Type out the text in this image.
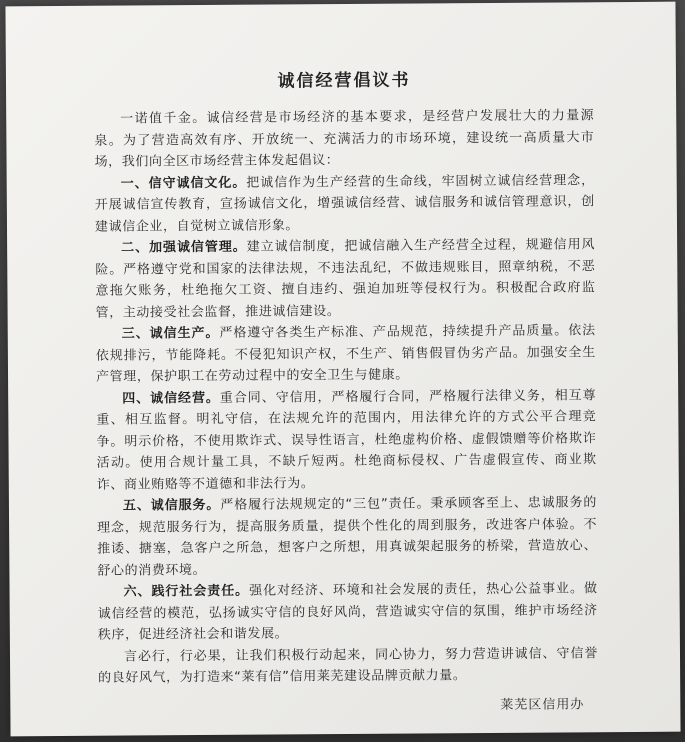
诚信经营倡议书

一诺值千金。诚信经营是市场经济的基本要求，是经营户发展壮大的力量源泉。为了营造高效有序、开放统一、充满活力的市场环境，建设统一高质量大市场，我们向全区市场经营主体发起倡议：

一、信守诚信文化。把诚信作为生产经营的生命线，牢固树立诚信经营理念，开展诚信宣传教育，宣扬诚信文化，增强诚信经营、诚信服务和诚信管理意识，创建诚信企业，自觉树立诚信形象。

二、加强诚信管理。建立诚信制度，把诚信融入生产经营全过程，规避信用风险。严格遵守党和国家的法律法规，不违法乱纪，不做违规账目，照章纳税，不恶意拖欠账务，杜绝拖欠工资、擅自违约、强迫加班等侵权行为。积极配合政府监管，主动接受社会监督，推进诚信建设。

三、诚信生产。严格遵守各类生产标准、产品规范，持续提升产品质量。依法依规排污，节能降耗。不侵犯知识产权，不生产、销售假冒伪劣产品。加强安全生产管理，保护职工在劳动过程中的安全卫生与健康。

四、诚信经营。重合同、守信用，严格履行合同，严格履行法律义务，相互尊重、相互监督。明礼守信，在法规允许的范围内，用法律允许的方式公平合理竞争。明示价格，不使用欺诈式、误导性语言，杜绝虚构价格、虚假馈赠等价格欺诈活动。使用合规计量工具，不缺斤短两。杜绝商标侵权、广告虚假宣传、商业欺诈、商业贿赂等不道德和非法行为。

五、诚信服务。严格履行法规规定的“三包”责任。秉承顾客至上、忠诚服务的理念，规范服务行为，提高服务质量，提供个性化的周到服务，改进客户体验。不推诿、搪塞，急客户之所急，想客户之所想，用真诚架起服务的桥梁，营造放心、舒心的消费环境。

六、践行社会责任。强化对经济、环境和社会发展的责任，热心公益事业。做诚信经营的模范，弘扬诚实守信的良好风尚，营造诚实守信的氛围，维护市场经济秩序，促进经济社会和谐发展。

言必行，行必果，让我们积极行动起来，同心协力，努力营造讲诚信、守信誉的良好风气，为打造来“莱有信”信用莱芜建设品牌贡献力量。

莱芜区信用办
